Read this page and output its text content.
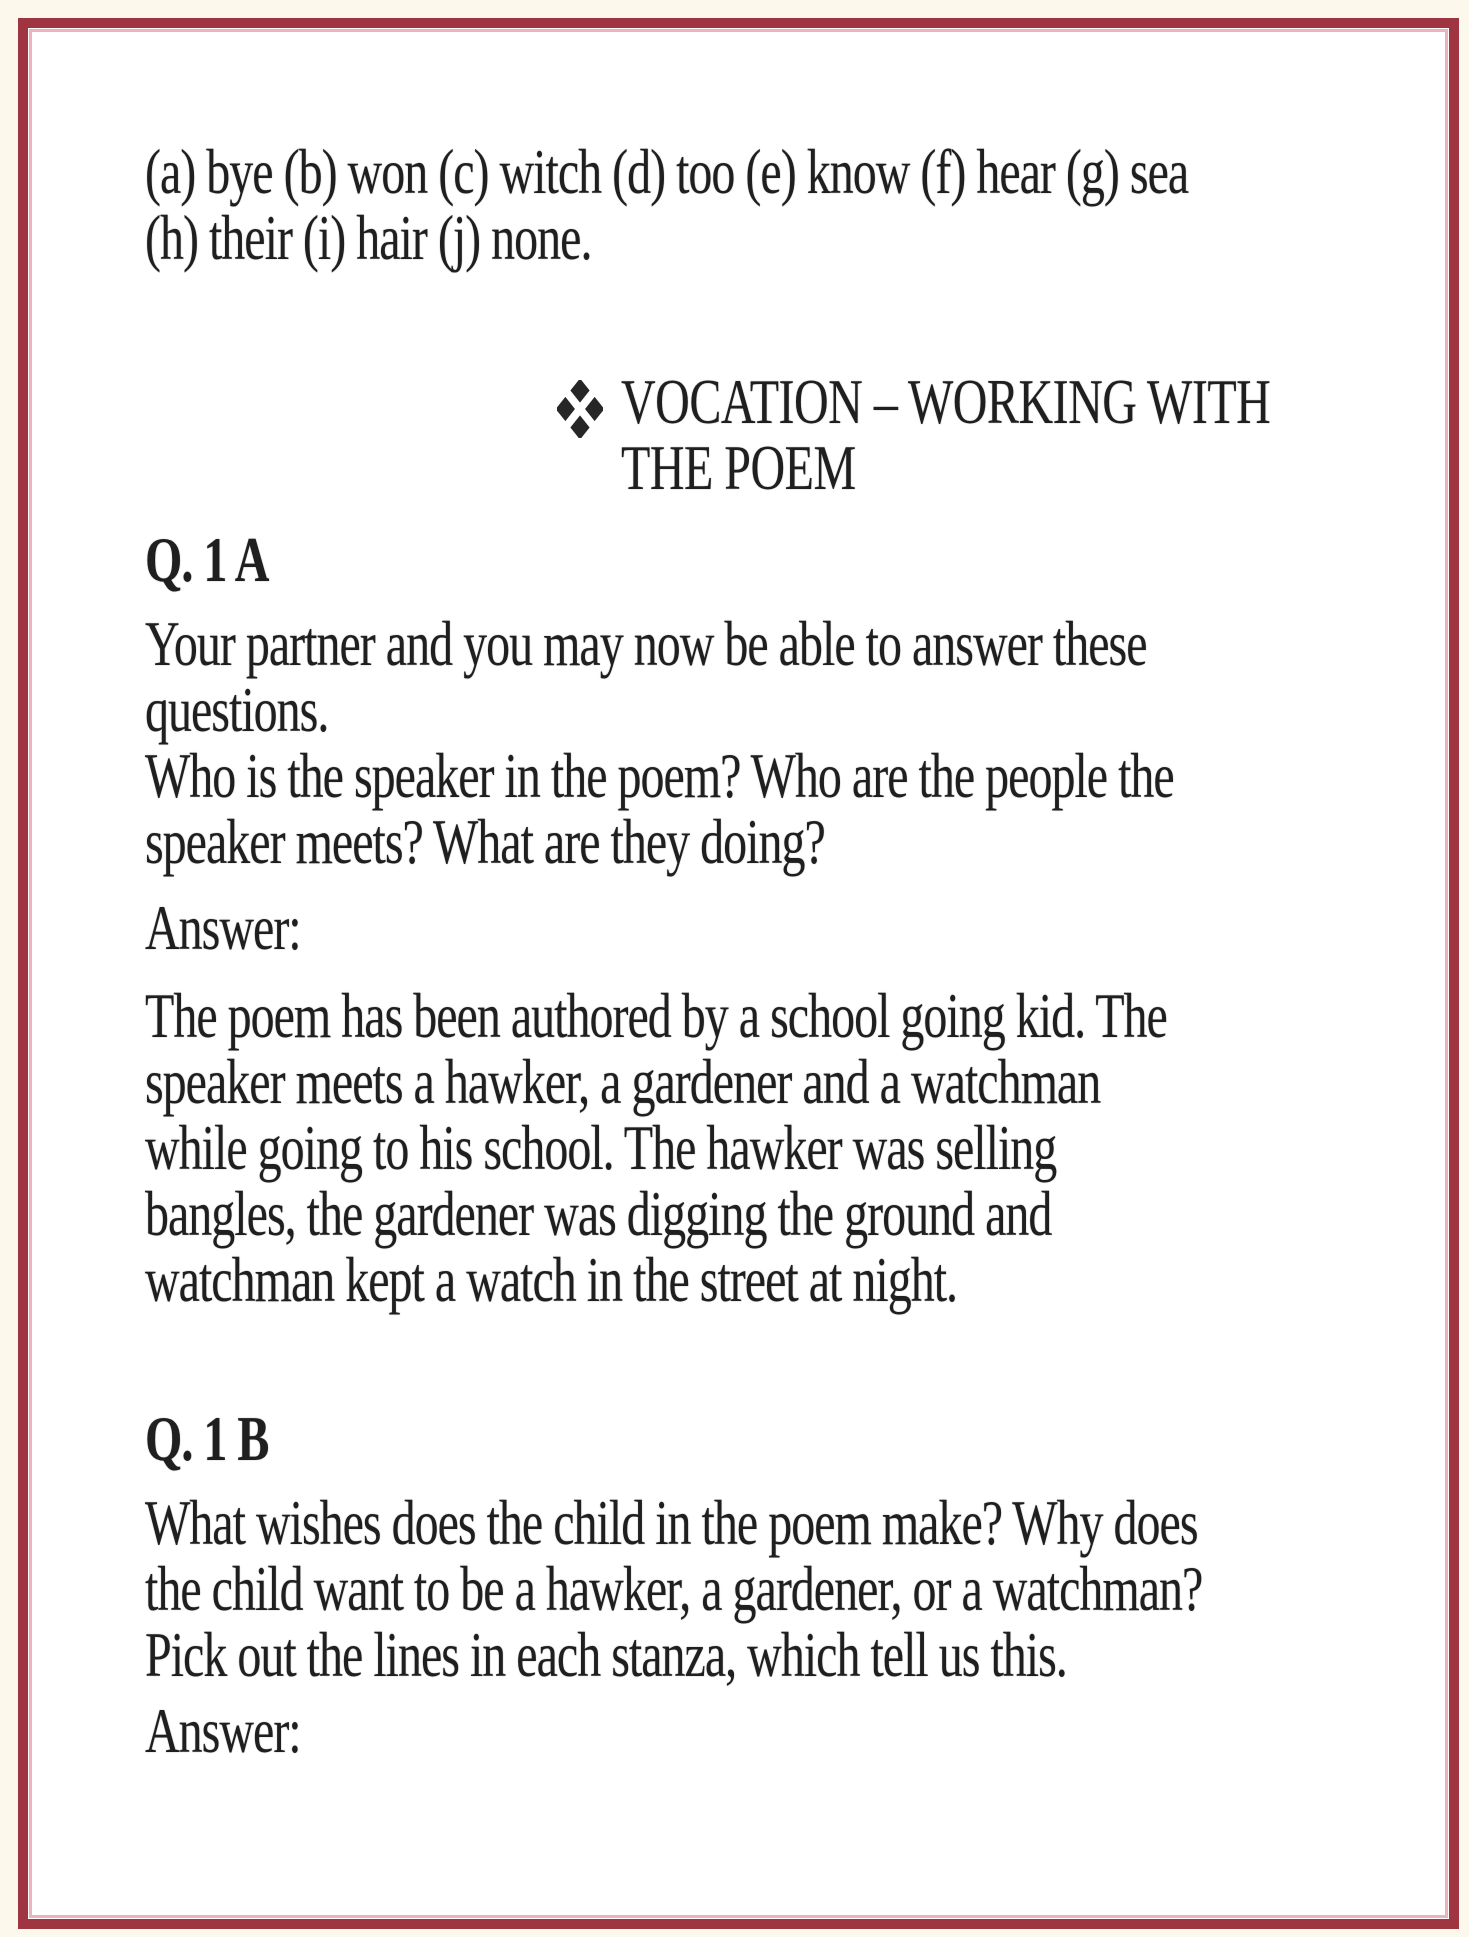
(a) bye (b) won (c) witch (d) too (e) know (f) hear (g) sea
(h) their (i) hair (j) none.
VOCATION – WORKING WITH
THE POEM
Q. 1 A
Your partner and you may now be able to answer these
questions.
Who is the speaker in the poem? Who are the people the
speaker meets? What are they doing?
Answer:
The poem has been authored by a school going kid. The
speaker meets a hawker, a gardener and a watchman
while going to his school. The hawker was selling
bangles, the gardener was digging the ground and
watchman kept a watch in the street at night.
Q. 1 B
What wishes does the child in the poem make? Why does
the child want to be a hawker, a gardener, or a watchman?
Pick out the lines in each stanza, which tell us this.
Answer:
